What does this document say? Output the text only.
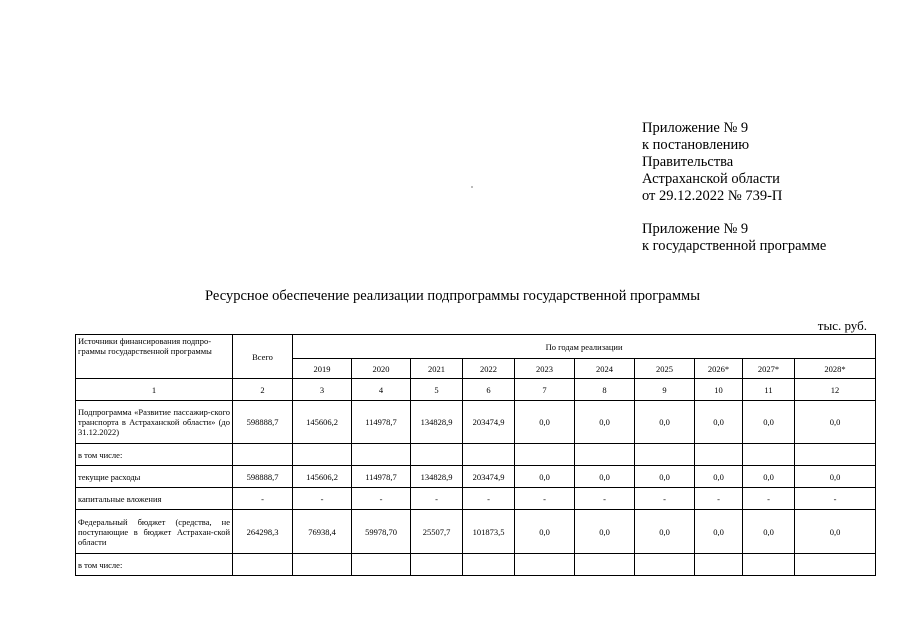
Приложение № 9
к постановлению
Правительства
Астраханской области
от 29.12.2022 № 739-П
Приложение № 9
к государственной программе
Ресурсное обеспечение реализации подпрограммы государственной программы
тыс. руб.
Источники финансирования подпро-граммы государственной программы	Всего	По годам реализации									
		2019	2020	2021	2022	2023	2024	2025	2026*	2027*	2028*
1	2	3	4	5	6	7	8	9	10	11	12
Подпрограмма «Развитие пассажир-ского транспорта в Астраханской области» (до 31.12.2022)	598888,7	145606,2	114978,7	134828,9	203474,9	0,0	0,0	0,0	0,0	0,0	0,0
в том числе:											
текущие расходы	598888,7	145606,2	114978,7	134828,9	203474,9	0,0	0,0	0,0	0,0	0,0	0,0
капитальные вложения	-	-	-	-	-	-	-	-	-	-	-
Федеральный бюджет (средства, не поступающие в бюджет Астрахан-ской области	264298,3	76938,4	59978,70	25507,7	101873,5	0,0	0,0	0,0	0,0	0,0	0,0
в том числе:											
